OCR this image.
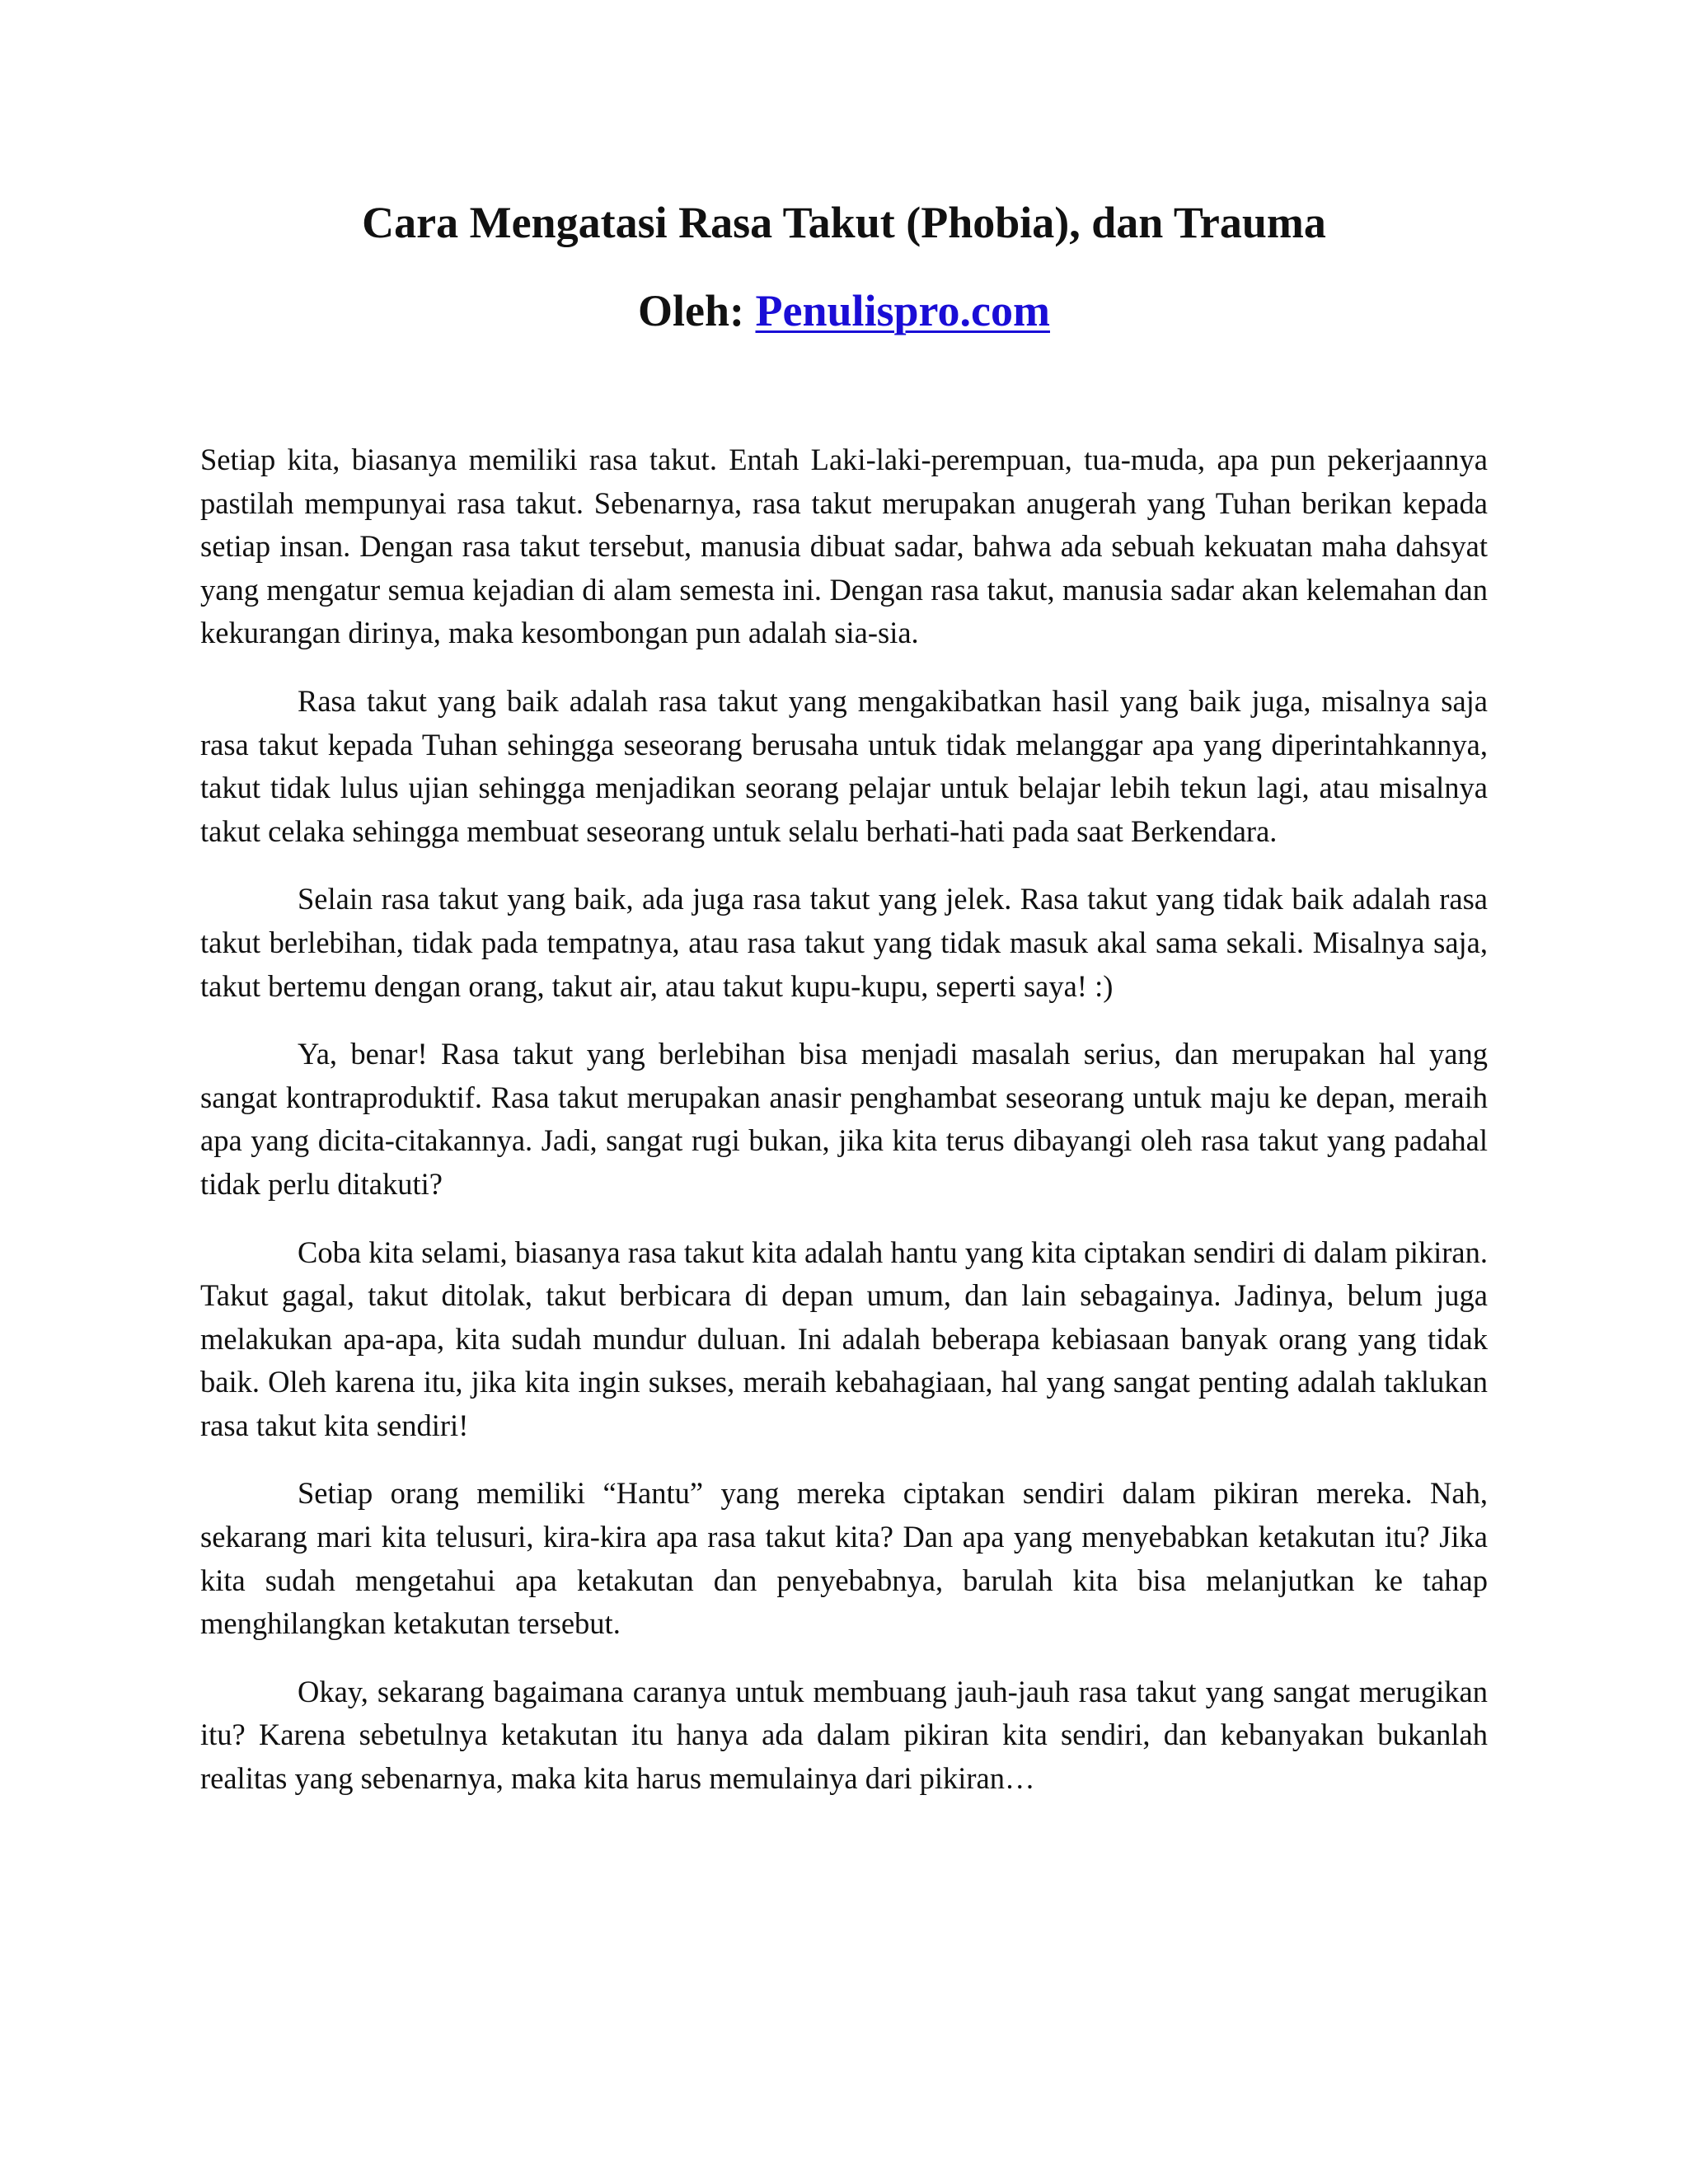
Cara Mengatasi Rasa Takut (Phobia), dan Trauma
Oleh: Penulispro.com

Setiap kita, biasanya memiliki rasa takut. Entah Laki-laki-perempuan, tua-muda, apa pun pekerjaannya pastilah mempunyai rasa takut. Sebenarnya, rasa takut merupakan anugerah yang Tuhan berikan kepada setiap insan. Dengan rasa takut tersebut, manusia dibuat sadar, bahwa ada sebuah kekuatan maha dahsyat yang mengatur semua kejadian di alam semesta ini. Dengan rasa takut, manusia sadar akan kelemahan dan kekurangan dirinya, maka kesombongan pun adalah sia-sia.

Rasa takut yang baik adalah rasa takut yang mengakibatkan hasil yang baik juga, misalnya saja rasa takut kepada Tuhan sehingga seseorang berusaha untuk tidak melanggar apa yang diperintahkannya, takut tidak lulus ujian sehingga menjadikan seorang pelajar untuk belajar lebih tekun lagi, atau misalnya takut celaka sehingga membuat seseorang untuk selalu berhati-hati pada saat Berkendara.

Selain rasa takut yang baik, ada juga rasa takut yang jelek. Rasa takut yang tidak baik adalah rasa takut berlebihan, tidak pada tempatnya, atau rasa takut yang tidak masuk akal sama sekali. Misalnya saja, takut bertemu dengan orang, takut air, atau takut kupu-kupu, seperti saya! :)

Ya, benar! Rasa takut yang berlebihan bisa menjadi masalah serius, dan merupakan hal yang sangat kontraproduktif. Rasa takut merupakan anasir penghambat seseorang untuk maju ke depan, meraih apa yang dicita-citakannya. Jadi, sangat rugi bukan, jika kita terus dibayangi oleh rasa takut yang padahal tidak perlu ditakuti?

Coba kita selami, biasanya rasa takut kita adalah hantu yang kita ciptakan sendiri di dalam pikiran. Takut gagal, takut ditolak, takut berbicara di depan umum, dan lain sebagainya. Jadinya, belum juga melakukan apa-apa, kita sudah mundur duluan. Ini adalah beberapa kebiasaan banyak orang yang tidak baik. Oleh karena itu, jika kita ingin sukses, meraih kebahagiaan, hal yang sangat penting adalah taklukan rasa takut kita sendiri!

Setiap orang memiliki “Hantu” yang mereka ciptakan sendiri dalam pikiran mereka. Nah, sekarang mari kita telusuri, kira-kira apa rasa takut kita? Dan apa yang menyebabkan ketakutan itu? Jika kita sudah mengetahui apa ketakutan dan penyebabnya, barulah kita bisa melanjutkan ke tahap menghilangkan ketakutan tersebut.

Okay, sekarang bagaimana caranya untuk membuang jauh-jauh rasa takut yang sangat merugikan itu? Karena sebetulnya ketakutan itu hanya ada dalam pikiran kita sendiri, dan kebanyakan bukanlah realitas yang sebenarnya, maka kita harus memulainya dari pikiran…
